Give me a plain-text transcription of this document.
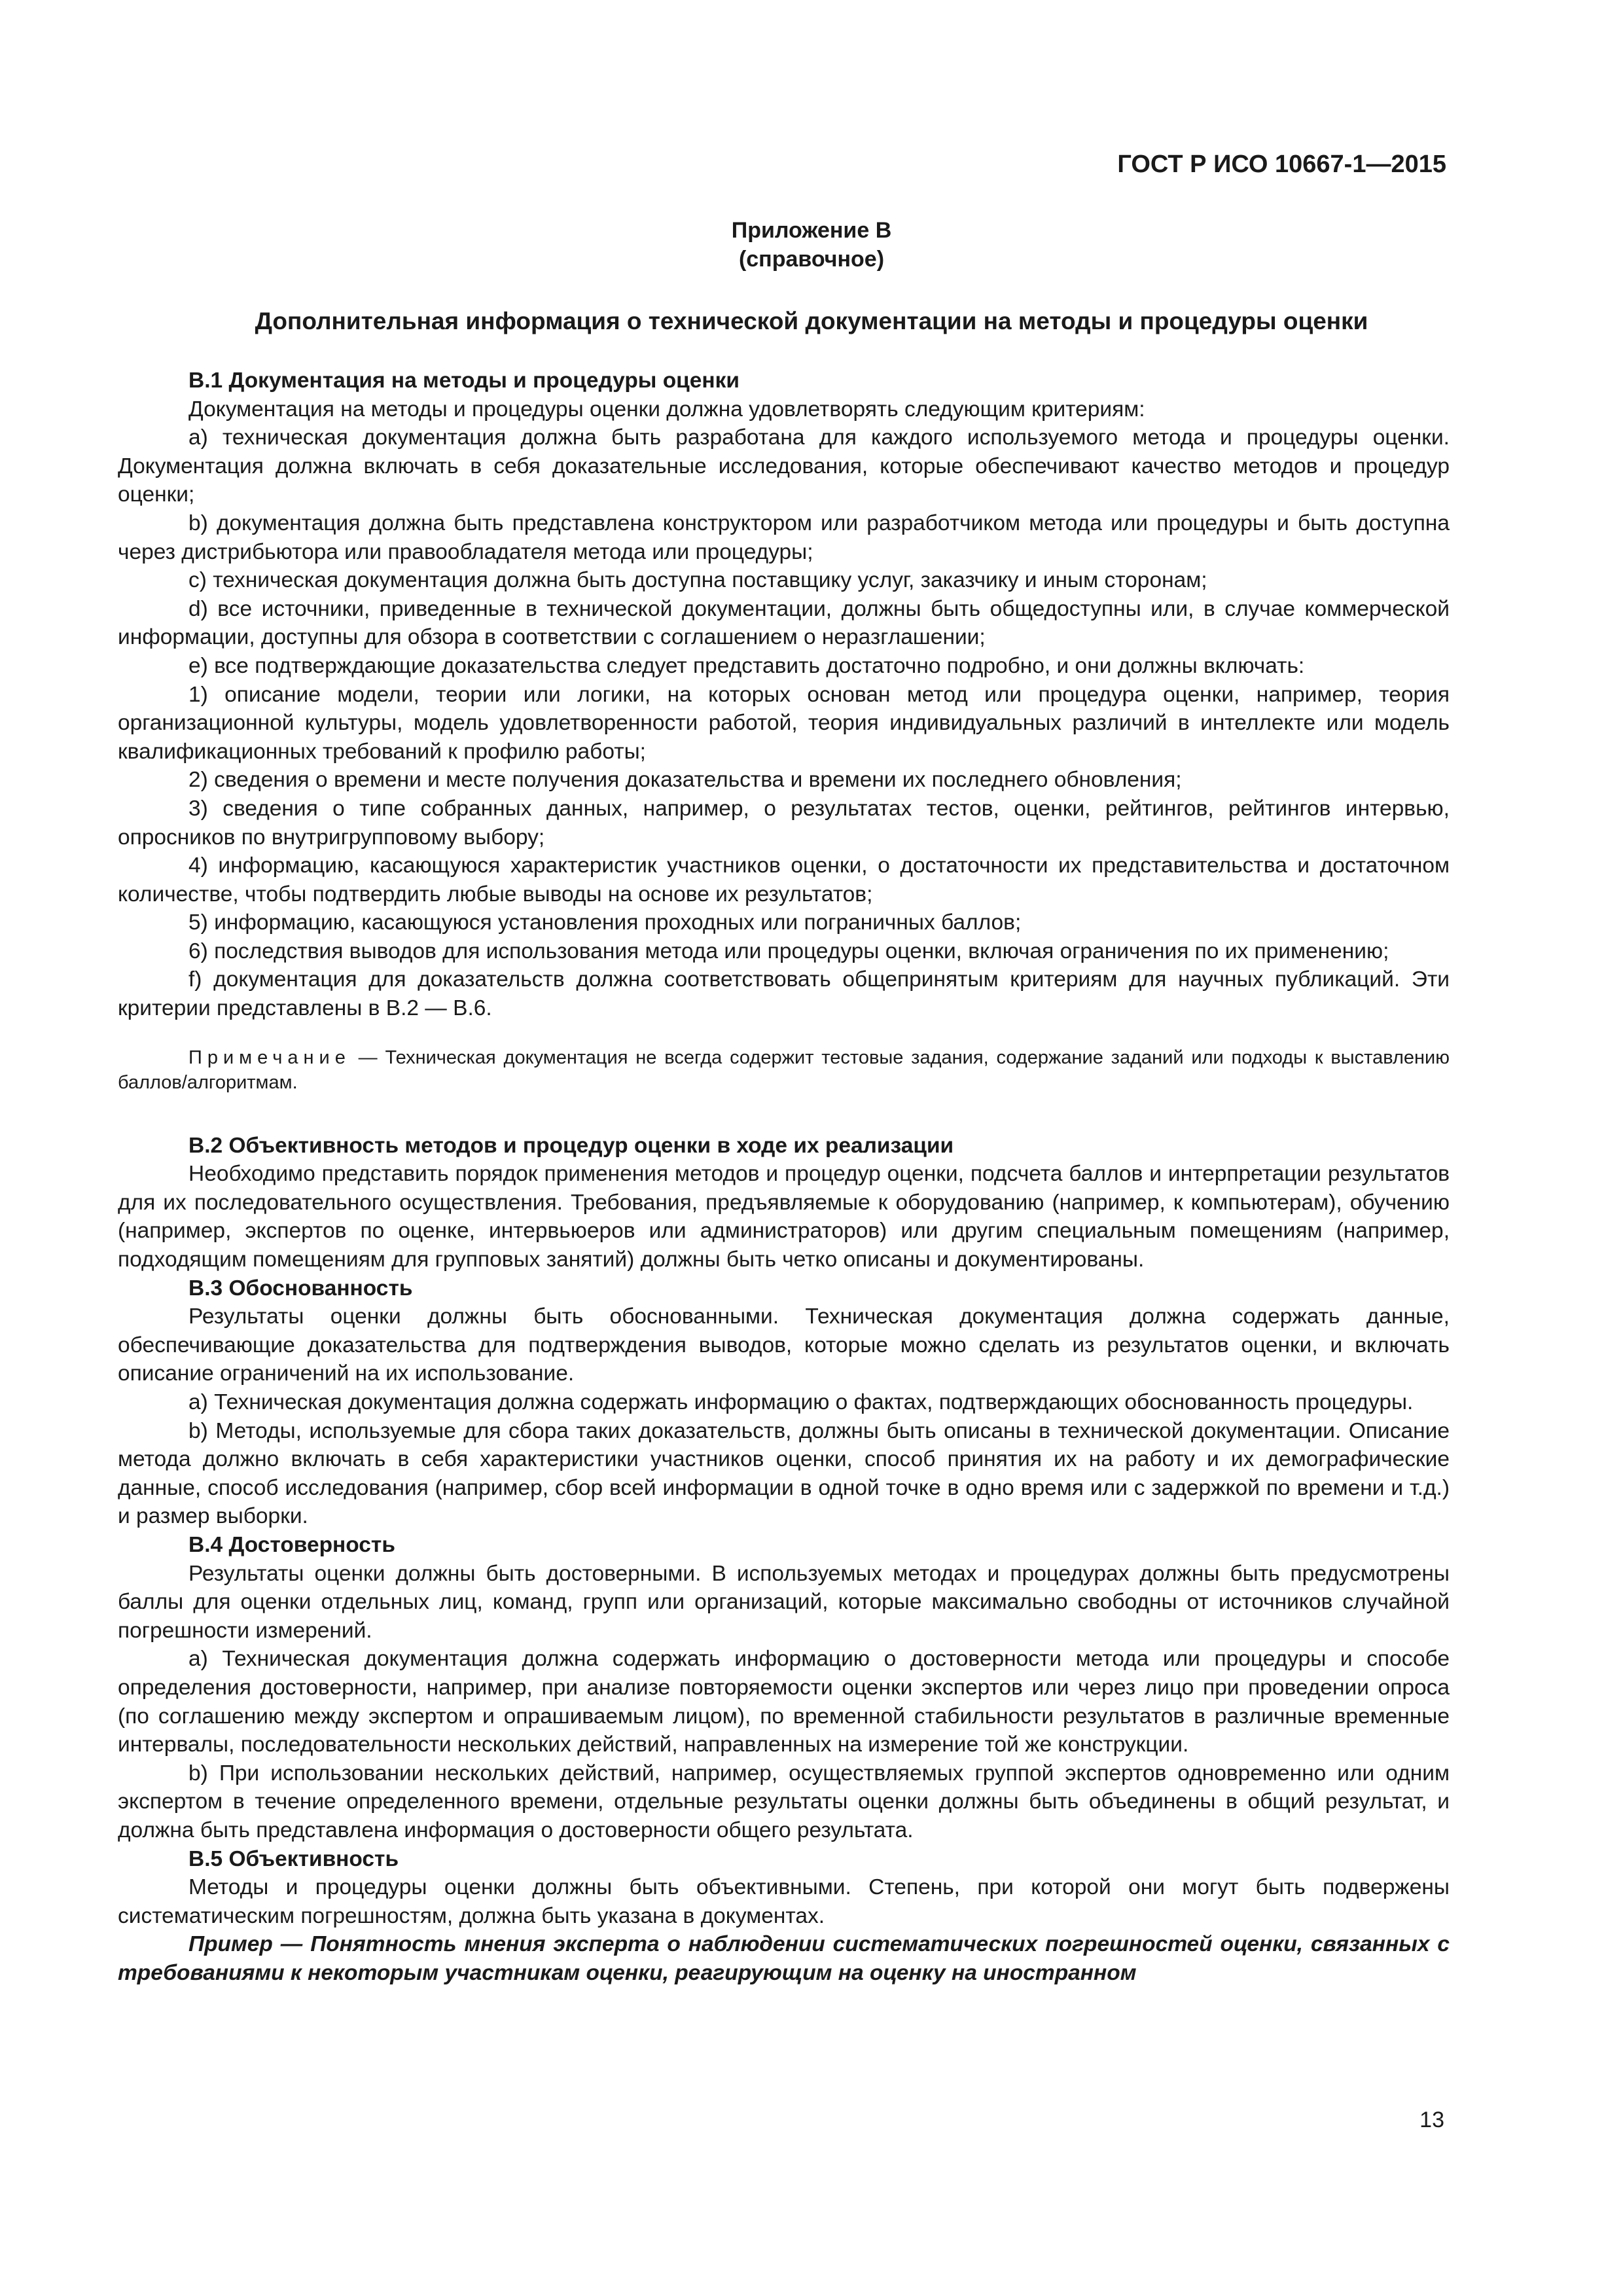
ГОСТ Р ИСО 10667-1—2015
Приложение В
(справочное)
Дополнительная информация о технической документации на методы и процедуры оценки
В.1 Документация на методы и процедуры оценки

Документация на методы и процедуры оценки должна удовлетворять следующим критериям:

a) техническая документация должна быть разработана для каждого используемого метода и процедуры оценки. Документация должна включать в себя доказательные исследования, которые обеспечивают качество методов и процедур оценки;

b) документация должна быть представлена конструктором или разработчиком метода или процедуры и быть доступна через дистрибьютора или правообладателя метода или процедуры;

c) техническая документация должна быть доступна поставщику услуг, заказчику и иным сторонам;

d) все источники, приведенные в технической документации, должны быть общедоступны или, в случае коммерческой информации, доступны для обзора в соответствии с соглашением о неразглашении;

e) все подтверждающие доказательства следует представить достаточно подробно, и они должны включать:

1) описание модели, теории или логики, на которых основан метод или процедура оценки, например, теория организационной культуры, модель удовлетворенности работой, теория индивидуальных различий в интеллекте или модель квалификационных требований к профилю работы;

2) сведения о времени и месте получения доказательства и времени их последнего обновления;

3) сведения о типе собранных данных, например, о результатах тестов, оценки, рейтингов, рейтингов интервью, опросников по внутригрупповому выбору;

4) информацию, касающуюся характеристик участников оценки, о достаточности их представительства и достаточном количестве, чтобы подтвердить любые выводы на основе их результатов;

5) информацию, касающуюся установления проходных или пограничных баллов;

6) последствия выводов для использования метода или процедуры оценки, включая ограничения по их применению;

f) документация для доказательств должна соответствовать общепринятым критериям для научных публикаций. Эти критерии представлены в В.2 — В.6.

Примечание — Техническая документация не всегда содержит тестовые задания, содержание заданий или подходы к выставлению баллов/алгоритмам.

В.2 Объективность методов и процедур оценки в ходе их реализации

Необходимо представить порядок применения методов и процедур оценки, подсчета баллов и интерпретации результатов для их последовательного осуществления. Требования, предъявляемые к оборудованию (например, к компьютерам), обучению (например, экспертов по оценке, интервьюеров или администраторов) или другим специальным помещениям (например, подходящим помещениям для групповых занятий) должны быть четко описаны и документированы.

В.3 Обоснованность

Результаты оценки должны быть обоснованными. Техническая документация должна содержать данные, обеспечивающие доказательства для подтверждения выводов, которые можно сделать из результатов оценки, и включать описание ограничений на их использование.

a) Техническая документация должна содержать информацию о фактах, подтверждающих обоснованность процедуры.

b) Методы, используемые для сбора таких доказательств, должны быть описаны в технической документации. Описание метода должно включать в себя характеристики участников оценки, способ принятия их на работу и их демографические данные, способ исследования (например, сбор всей информации в одной точке в одно время или с задержкой по времени и т.д.) и размер выборки.

В.4 Достоверность

Результаты оценки должны быть достоверными. В используемых методах и процедурах должны быть предусмотрены баллы для оценки отдельных лиц, команд, групп или организаций, которые максимально свободны от источников случайной погрешности измерений.

a) Техническая документация должна содержать информацию о достоверности метода или процедуры и способе определения достоверности, например, при анализе повторяемости оценки экспертов или через лицо при проведении опроса (по соглашению между экспертом и опрашиваемым лицом), по временной стабильности результатов в различные временные интервалы, последовательности нескольких действий, направленных на измерение той же конструкции.

b) При использовании нескольких действий, например, осуществляемых группой экспертов одновременно или одним экспертом в течение определенного времени, отдельные результаты оценки должны быть объединены в общий результат, и должна быть представлена информация о достоверности общего результата.

В.5 Объективность

Методы и процедуры оценки должны быть объективными. Степень, при которой они могут быть подвержены систематическим погрешностям, должна быть указана в документах.

Пример — Понятность мнения эксперта о наблюдении систематических погрешностей оценки, связанных с требованиями к некоторым участникам оценки, реагирующим на оценку на иностранном

13
